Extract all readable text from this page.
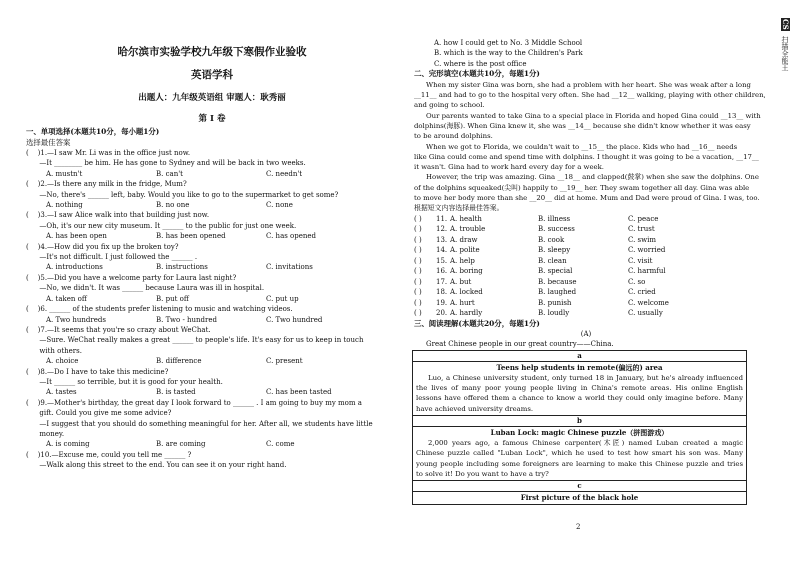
哈尔滨市实验学校九年级下寒假作业验收
英语学科
出题人：九年级英语组 审题人：耿秀丽
第 I 卷
一、单项选择(本题共10分，每小题1分)
选择最佳答案
(    )1.—I saw Mr. Li was in the office just now.
—It ________ be him. He has gone to Sydney and will be back in two weeks.
A. mustn't	B. can't	C. needn't
(    )2.—Is there any milk in the fridge, Mum?
—No, there's ______ left, baby. Would you like to go to the supermarket to get some?
A. nothing	B. no one	C. none
(    )3.—I saw Alice walk into that building just now.
—Oh, it's our new city museum. It ______ to the public for just one week.
A. has been open	B. has been opened	C. has opened
(    )4.—How did you fix up the broken toy?
—It's not difficult. I just followed the ______ .
A. introductions	B. instructions	C. invitations
(    )5.—Did you have a welcome party for Laura last night?
—No, we didn't. It was ______ because Laura was ill in hospital.
A. taken off	B. put off	C. put up
(    )6. ______ of the students prefer listening to music and watching videos.
A. Two hundreds	B. Two - hundred	C. Two hundred
(    )7.—It seems that you're so crazy about WeChat.
—Sure. WeChat really makes a great ______ to people's life. It's easy for us to keep in touch
with others.
A. choice	B. difference	C. present
(    )8.—Do I have to take this medicine?
—It ______ so terrible, but it is good for your health.
A. tastes	B. is tasted	C. has been tasted
(    )9.—Mother's birthday, the great day I look forward to ______ . I am going to buy my mom a
gift. Could you give me some advice?
—I suggest that you should do something meaningful for her. After all, we students have little
money.
A. is coming	B. are coming	C. come
(    )10.—Excuse me, could you tell me ______ ?
—Walk along this street to the end. You can see it on your right hand.
A. how I could get to No. 3 Middle School
B. which is the way to the Children's Park
C. where is the post office
二、完形填空(本题共10分，每题1分)
When my sister Gina was born, she had a problem with her heart. She was weak after a long
__11__ and had to go to the hospital very often. She had __12__ walking, playing with other children,
and going to school.
Our parents wanted to take Gina to a special place in Florida and hoped Gina could __13__ with
dolphins(海豚). When Gina knew it, she was __14__ because she didn't know whether it was easy
to be around dolphins.
When we got to Florida, we couldn't wait to __15__ the place. Kids who had __16__ needs
like Gina could come and spend time with dolphins. I thought it was going to be a vacation, __17__
it wasn't. Gina had to work hard every day for a week.
However, the trip was amazing. Gina __18__ and clapped(鼓掌) when she saw the dolphins. One
of the dolphins squeaked(尖叫) happily to __19__ her. They swam together all day. Gina was able
to move her body more than she __20__ did at home. Mum and Dad were proud of Gina. I was, too.
根据短文内容选择最佳答案。
( )	11. A. health	B. illness	C. peace
( )	12. A. trouble	B. success	C. trust
( )	13. A. draw	B. cook	C. swim
( )	14. A. polite	B. sleepy	C. worried
( )	15. A. help	B. clean	C. visit
( )	16. A. boring	B. special	C. harmful
( )	17. A. but	B. because	C. so
( )	18. A. locked	B. laughed	C. cried
( )	19. A. hurt	B. punish	C. welcome
( )	20. A. hardly	B. loudly	C. usually
三、阅读理解(本题共20分，每题1分)
(A)
Great Chinese people in our great country——China.
a
Teens help students in remote(偏远的) area
Luo, a Chinese university student, only turned 18 in January, but he's already influenced the lives of many poor young people living in China's remote areas. His online English lessons have offered them a chance to know a world they could only imagine before. Many have achieved university dreams.
b
Luban Lock: magic Chinese puzzle（拼图游戏）
2,000 years ago, a famous Chinese carpenter(木匠) named Luban created a magic Chinese puzzle called "Luban Lock", which he used to test how smart his son was. Many young people including some foreigners are learning to make this Chinese puzzle and tries to solve it! Do you want to have a try?
c
First picture of the black hole
2
CS 扫描全能王
